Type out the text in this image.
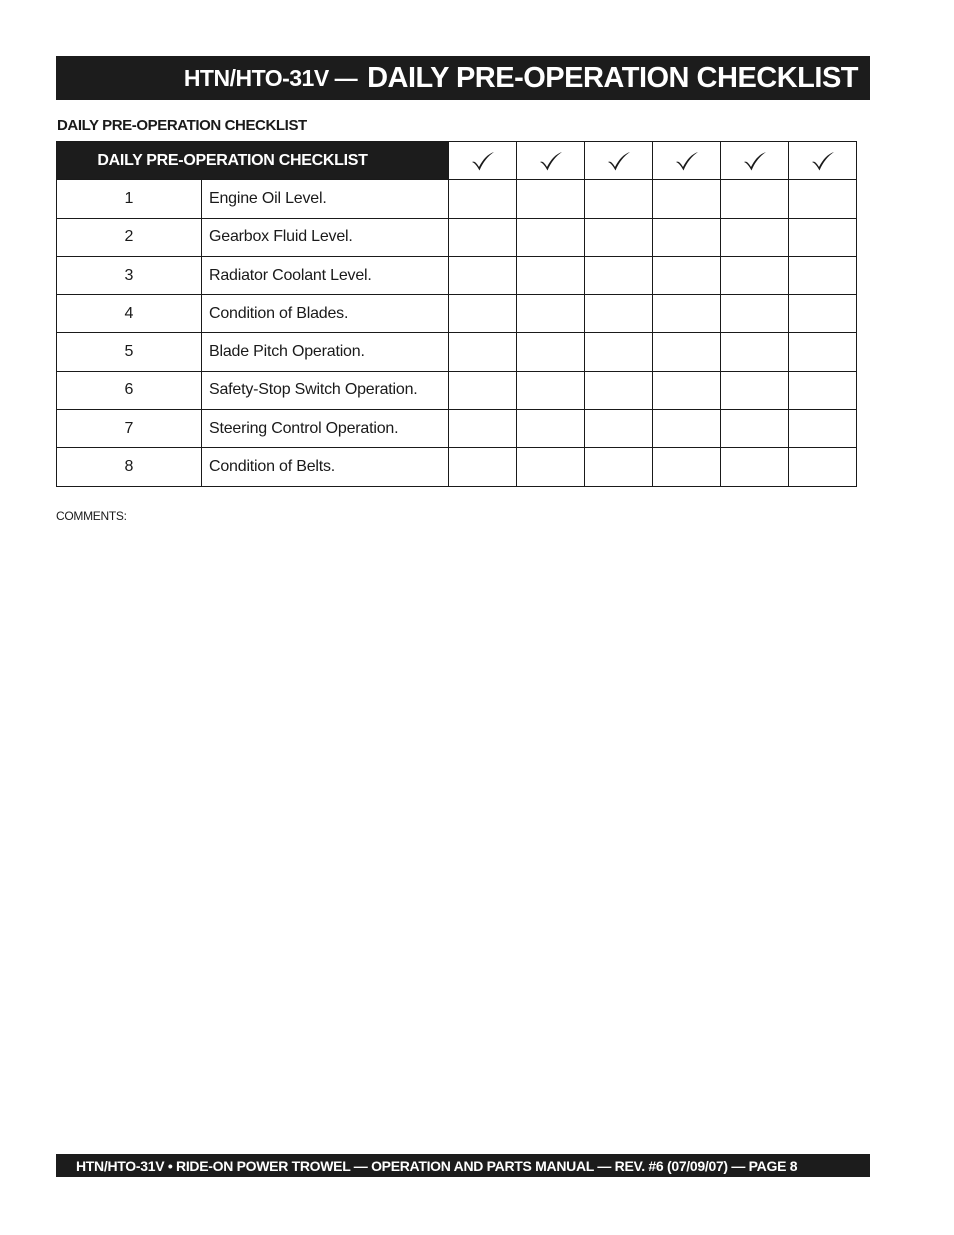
HTN/HTO-31V — DAILY PRE-OPERATION CHECKLIST
DAILY PRE-OPERATION CHECKLIST
DAILY PRE-OPERATION CHECKLIST	

1	Engine Oil Level.						
2	Gearbox Fluid Level.						
3	Radiator Coolant Level.						
4	Condition of Blades.						
5	Blade Pitch Operation.						
6	Safety-Stop Switch Operation.						
7	Steering Control Operation.						
8	Condition of Belts.						
COMMENTS:
HTN/HTO-31V • RIDE-ON POWER TROWEL — OPERATION AND PARTS MANUAL — REV. #6 (07/09/07) — PAGE 8
